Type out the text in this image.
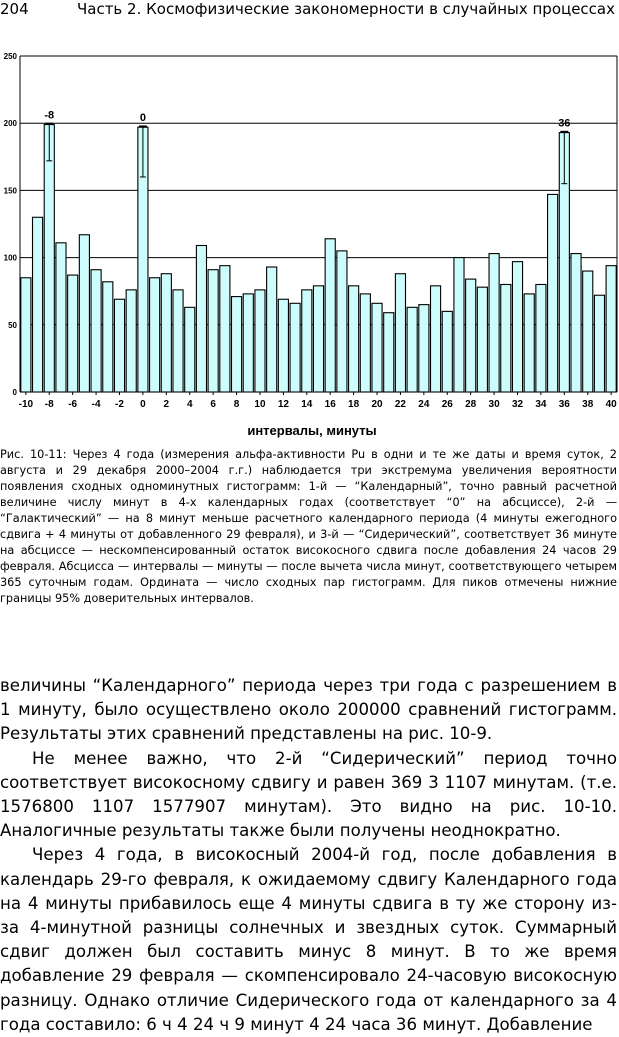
204	Часть 2. Космофизические закономерности в случайных процессах
0
50
100
150
200
250
-10 -8 -6 -4 -2 0 2 4 6 8 10 12 14 16 18 20 22 24 26 28 30 32 34 36 38 40
-8	0	36
интервалы, минуты

Рис. 10-11: Через 4 года (измерения альфа-активности Pu в одни и те же даты и время суток, 2 августа и 29 декабря 2000–2004 г.г.) наблюдается три экстремума увеличения вероятности появления сходных одноминутных гистограмм: 1-й — “Календарный”, точно равный расчетной величине числу минут в 4-х календарных годах (соответствует “0” на абсциссе), 2-й — “Галактический” — на 8 минут меньше расчетного календарного периода (4 минуты ежегодного сдвига + 4 минуты от добавленного 29 февраля), и 3-й — “Сидерический”, соответствует 36 минуте на абсциссе — нескомпенсированный остаток високосного сдвига после добавления 24 часов 29 февраля. Абсцисса — интервалы — минуты — после вычета числа минут, соответствующего четырем 365 суточным годам. Ордината — число сходных пар гистограмм. Для пиков отмечены нижние границы 95% доверительных интервалов.

величины “Календарного” периода через три года с разрешением в 1 минуту, было осуществлено около 200000 сравнений гистограмм. Результаты этих сравнений представлены на рис. 10-9.

Не менее важно, что 2-й “Сидерический” период точно соответствует високосному сдвигу и равен 369 3 1107 минутам. (т.е. 1576800 1107 1577907 минутам). Это видно на рис. 10-10. Аналогичные результаты также были получены неоднократно.

Через 4 года, в високосный 2004-й год, после добавления в календарь 29-го февраля, к ожидаемому сдвигу Календарного года на 4 минуты прибавилось еще 4 минуты сдвига в ту же сторону из-за 4-минутной разницы солнечных и звездных суток. Суммарный сдвиг должен был составить минус 8 минут. В то же время добавление 29 февраля — скомпенсировало 24-часовую високосную разницу. Однако отличие Сидерического года от календарного за 4 года составило: 6 ч 4 24 ч 9 минут 4 24 часа 36 минут. Добавление
